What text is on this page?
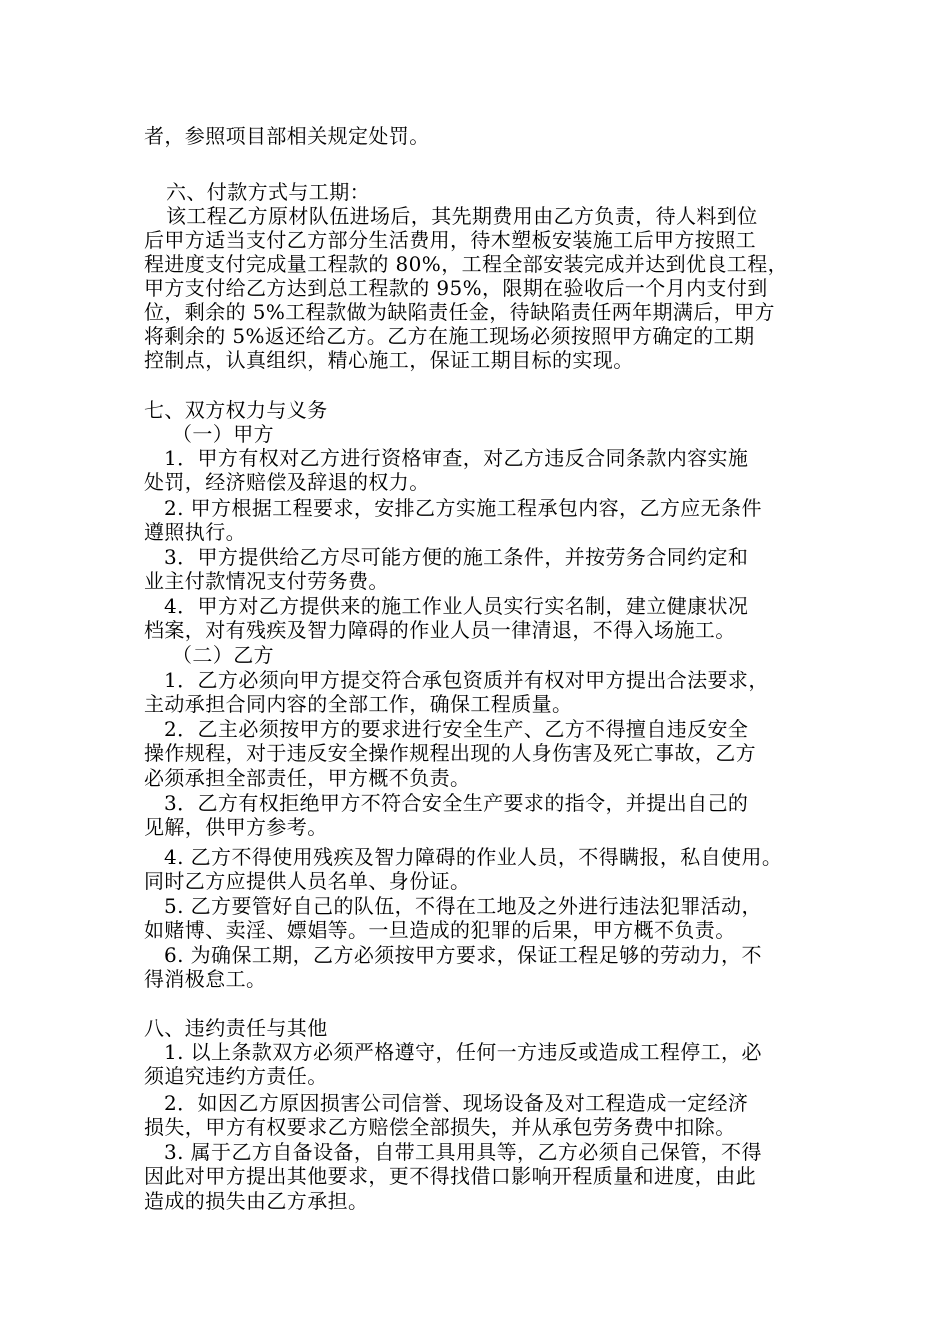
者，参照项目部相关规定处罚。
六、付款方式与工期：
该工程乙方原材队伍进场后，其先期费用由乙方负责，待人料到位
后甲方适当支付乙方部分生活费用，待木塑板安装施工后甲方按照工
程进度支付完成量工程款的 80%，工程全部安装完成并达到优良工程，
甲方支付给乙方达到总工程款的 95%，限期在验收后一个月内支付到
位，剩余的 5%工程款做为缺陷责任金，待缺陷责任两年期满后，甲方
将剩余的 5%返还给乙方。乙方在施工现场必须按照甲方确定的工期
控制点，认真组织，精心施工，保证工期目标的实现。
七、双方权力与义务
（一）甲方
1．甲方有权对乙方进行资格审查，对乙方违反合同条款内容实施
处罚，经济赔偿及辞退的权力。
2. 甲方根据工程要求，安排乙方实施工程承包内容，乙方应无条件
遵照执行。
3．甲方提供给乙方尽可能方便的施工条件，并按劳务合同约定和
业主付款情况支付劳务费。
4．甲方对乙方提供来的施工作业人员实行实名制，建立健康状况
档案，对有残疾及智力障碍的作业人员一律清退，不得入场施工。
（二）乙方
1．乙方必须向甲方提交符合承包资质并有权对甲方提出合法要求，
主动承担合同内容的全部工作，确保工程质量。
2．乙主必须按甲方的要求进行安全生产、乙方不得擅自违反安全
操作规程，对于违反安全操作规程出现的人身伤害及死亡事故，乙方
必须承担全部责任，甲方概不负责。
3．乙方有权拒绝甲方不符合安全生产要求的指令，并提出自己的
见解，供甲方参考。
4. 乙方不得使用残疾及智力障碍的作业人员，不得瞒报，私自使用。
同时乙方应提供人员名单、身份证。
5. 乙方要管好自己的队伍，不得在工地及之外进行违法犯罪活动，
如赌博、卖淫、嫖娼等。一旦造成的犯罪的后果，甲方概不负责。
6. 为确保工期，乙方必须按甲方要求，保证工程足够的劳动力，不
得消极怠工。
八、违约责任与其他
1. 以上条款双方必须严格遵守，任何一方违反或造成工程停工，必
须追究违约方责任。
2．如因乙方原因损害公司信誉、现场设备及对工程造成一定经济
损失，甲方有权要求乙方赔偿全部损失，并从承包劳务费中扣除。
3. 属于乙方自备设备，自带工具用具等，乙方必须自己保管，不得
因此对甲方提出其他要求，更不得找借口影响开程质量和进度，由此
造成的损失由乙方承担。
